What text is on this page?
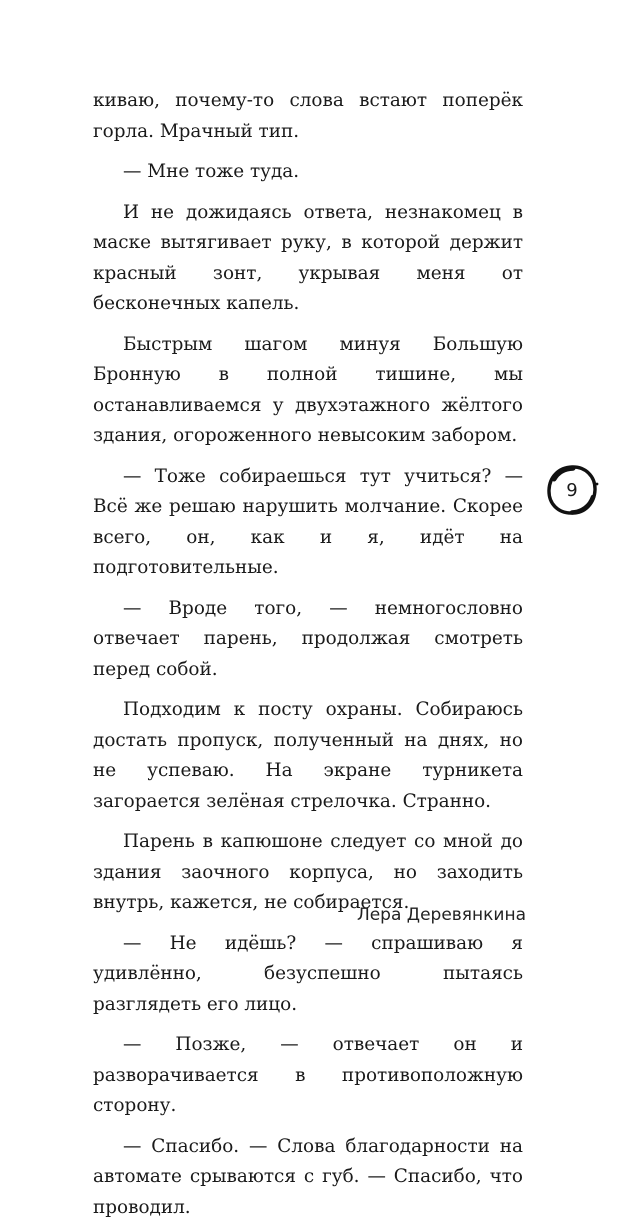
киваю, почему-то слова встают поперёк горла. Мрачный тип.

— Мне тоже туда.

И не дожидаясь ответа, незнакомец в маске вытягивает руку, в которой держит красный зонт, укрывая меня от бесконечных капель.

Быстрым шагом минуя Большую Бронную в полной тишине, мы останавливаемся у двухэтажного жёлтого здания, огороженного невысоким забором.

— Тоже собираешься тут учиться? — Всё же решаю нарушить молчание. Скорее всего, он, как и я, идёт на подготовительные.

— Вроде того, — немногословно отвечает парень, продолжая смотреть перед собой.

Подходим к посту охраны. Собираюсь достать пропуск, полученный на днях, но не успеваю. На экране турникета загорается зелёная стрелочка. Странно.

Парень в капюшоне следует со мной до здания заочного корпуса, но заходить внутрь, кажется, не собирается.

— Не идёшь? — спрашиваю я удивлённо, безуспешно пытаясь разглядеть его лицо.

— Позже, — отвечает он и разворачивается в противоположную сторону.

— Спасибо. — Слова благодарности на автомате срываются с губ. — Спасибо, что проводил.

9
Лера Деревянкина
